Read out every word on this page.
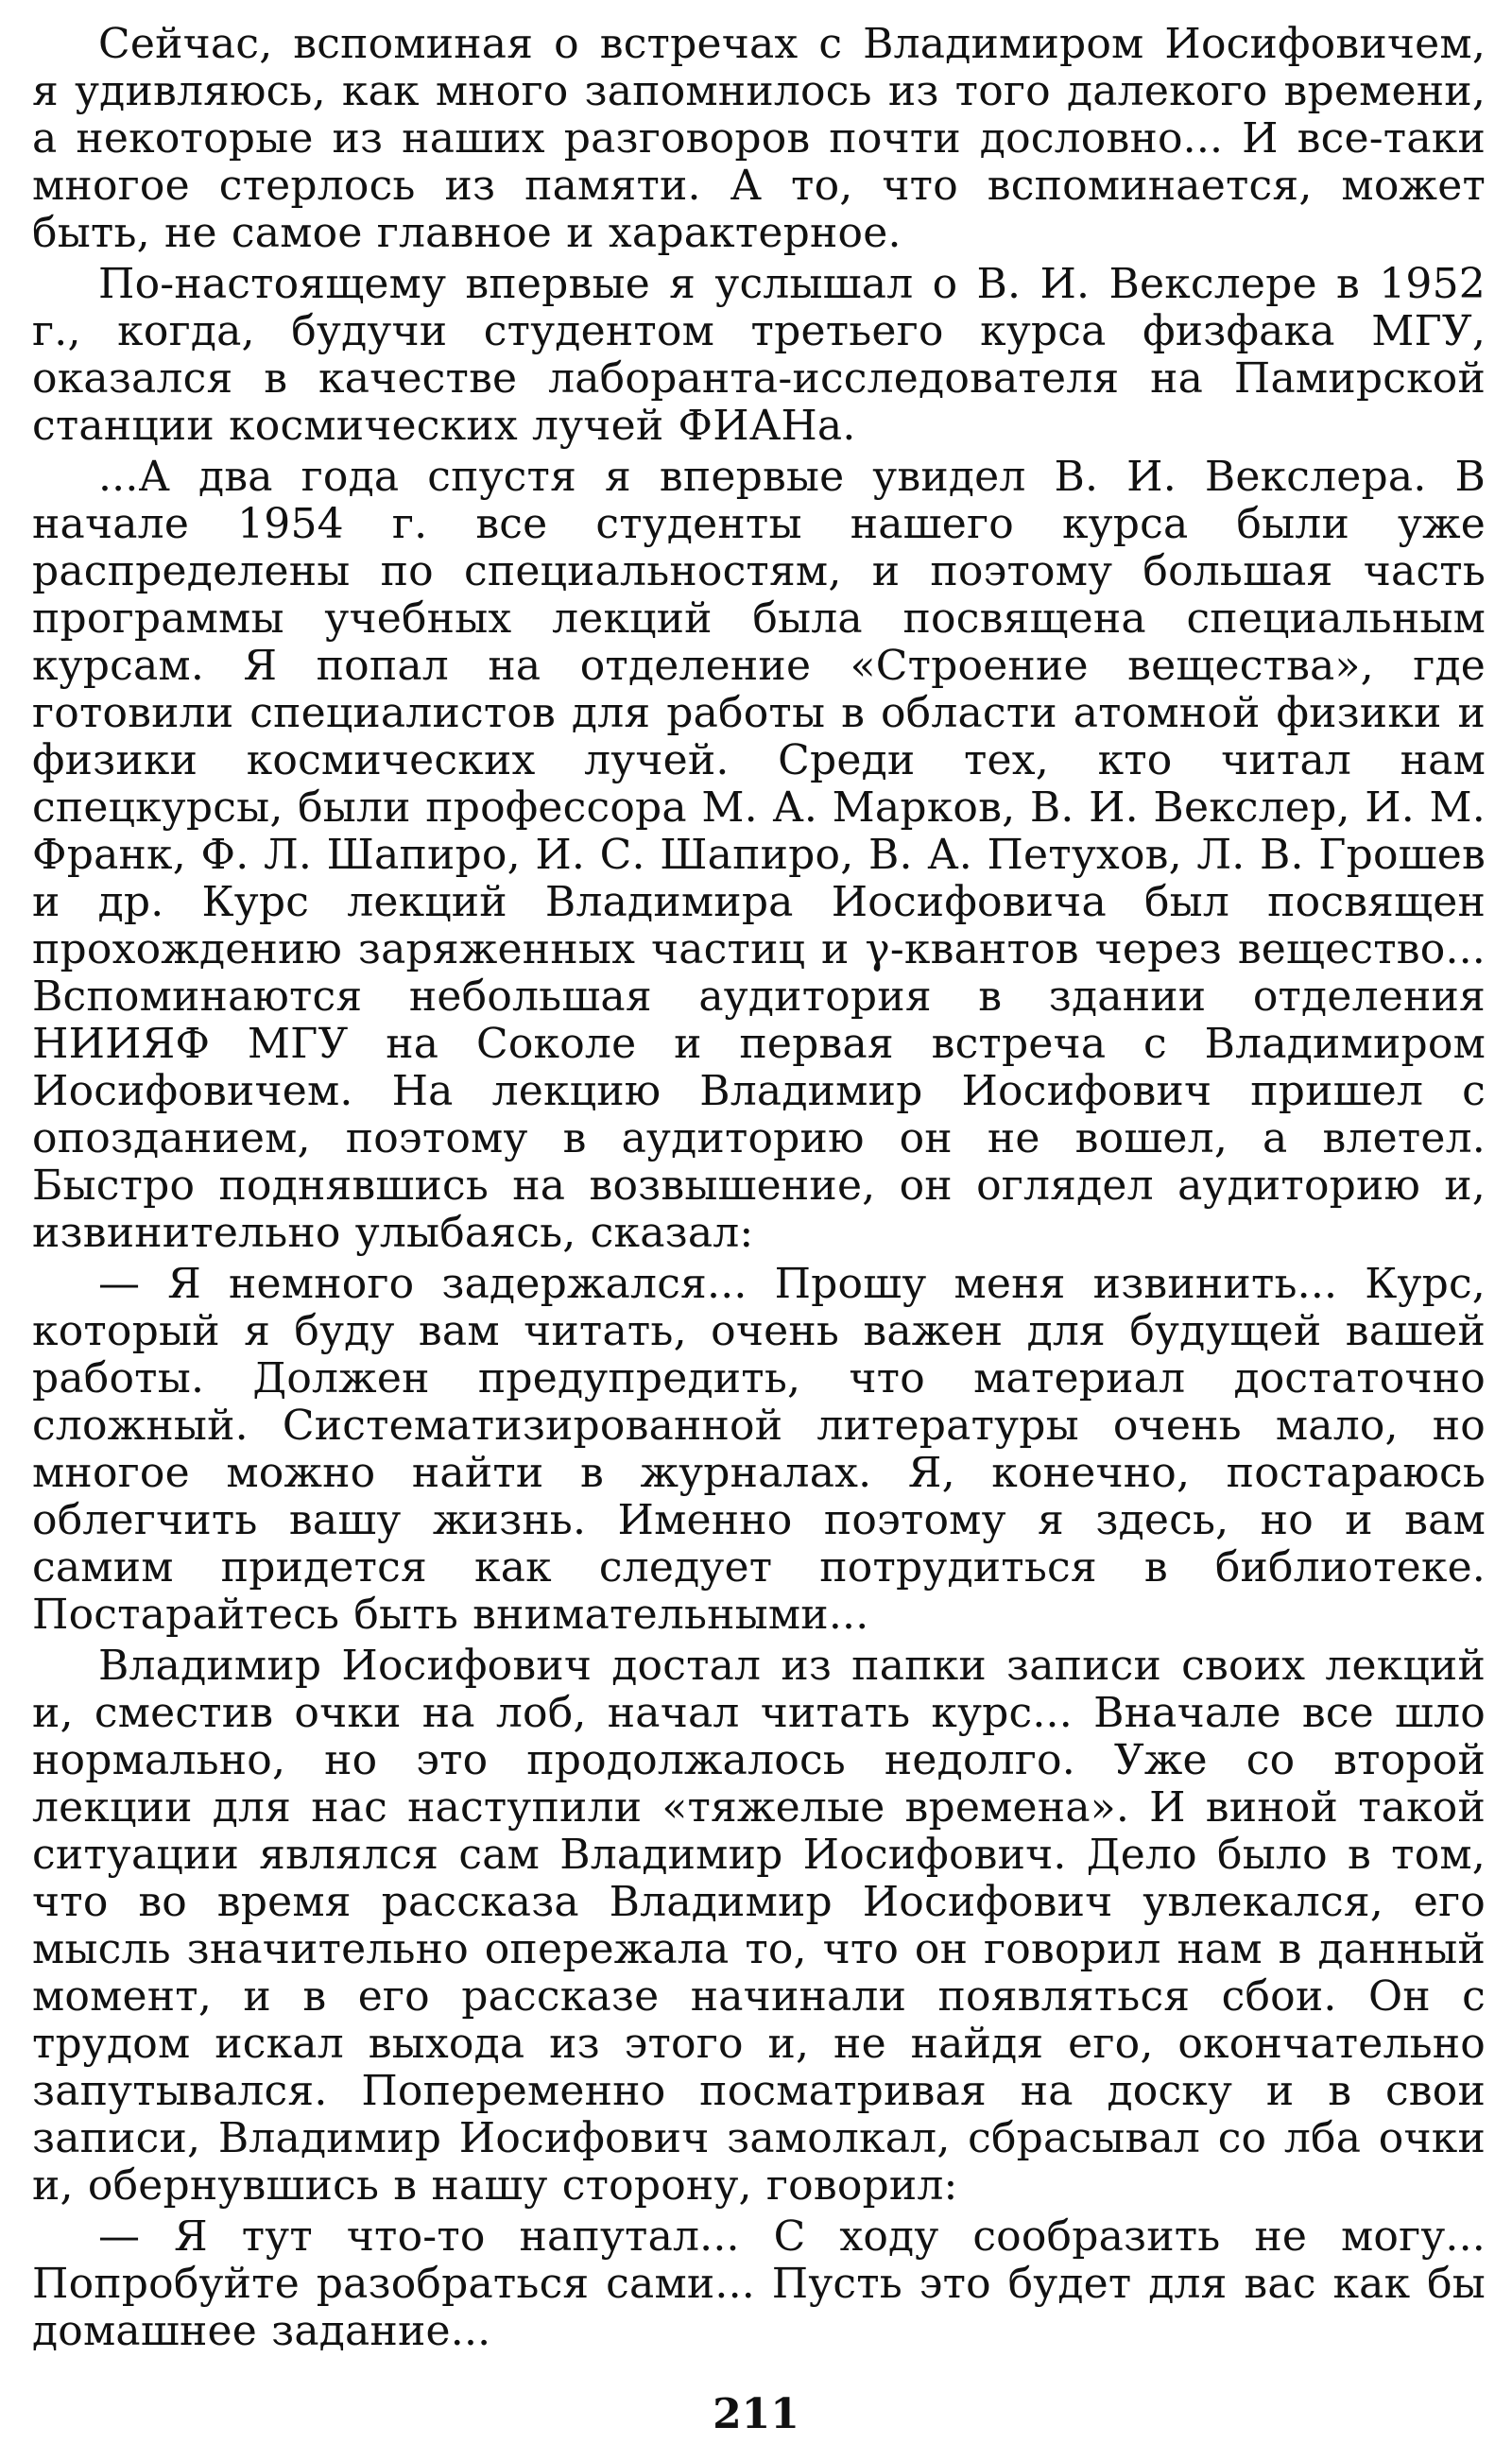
Сейчас, вспоминая о встречах с Владимиром Иосифовичем, я удивляюсь, как много запомнилось из того далекого времени, а некоторые из наших разговоров почти дословно... И все-таки многое стерлось из памяти. А то, что вспоминается, может быть, не самое главное и характерное.

По-настоящему впервые я услышал о В. И. Векслере в 1952 г., когда, будучи студентом третьего курса физфака МГУ, оказался в качестве лаборанта-исследователя на Памирской станции космических лучей ФИАНа.

...А два года спустя я впервые увидел В. И. Векслера. В начале 1954 г. все студенты нашего курса были уже распределены по специальностям, и поэтому большая часть программы учебных лекций была посвящена специальным курсам. Я попал на отделение «Строение вещества», где готовили специалистов для работы в области атомной физики и физики космических лучей. Среди тех, кто читал нам спецкурсы, были профессора М. А. Марков, В. И. Векслер, И. М. Франк, Ф. Л. Шапиро, И. С. Шапиро, В. А. Петухов, Л. В. Грошев и др. Курс лекций Владимира Иосифовича был посвящен прохождению заряженных частиц и γ-квантов через вещество... Вспоминаются небольшая аудитория в здании отделения НИИЯФ МГУ на Соколе и первая встреча с Владимиром Иосифовичем. На лекцию Владимир Иосифович пришел с опозданием, поэтому в аудиторию он не вошел, а влетел. Быстро поднявшись на возвышение, он оглядел аудиторию и, извинительно улыбаясь, сказал:

— Я немного задержался... Прошу меня извинить... Курс, который я буду вам читать, очень важен для будущей вашей работы. Должен предупредить, что материал достаточно сложный. Систематизированной литературы очень мало, но многое можно найти в журналах. Я, конечно, постараюсь облегчить вашу жизнь. Именно поэтому я здесь, но и вам самим придется как следует потрудиться в библиотеке. Постарайтесь быть внимательными...

Владимир Иосифович достал из папки записи своих лекций и, сместив очки на лоб, начал читать курс... Вначале все шло нормально, но это продолжалось недолго. Уже со второй лекции для нас наступили «тяжелые времена». И виной такой ситуации являлся сам Владимир Иосифович. Дело было в том, что во время рассказа Владимир Иосифович увлекался, его мысль значительно опережала то, что он говорил нам в данный момент, и в его рассказе начинали появляться сбои. Он с трудом искал выхода из этого и, не найдя его, окончательно запутывался. Попеременно посматривая на доску и в свои записи, Владимир Иосифович замолкал, сбрасывал со лба очки и, обернувшись в нашу сторону, говорил:

— Я тут что-то напутал... С ходу сообразить не могу... Попробуйте разобраться сами... Пусть это будет для вас как бы домашнее задание...

211
